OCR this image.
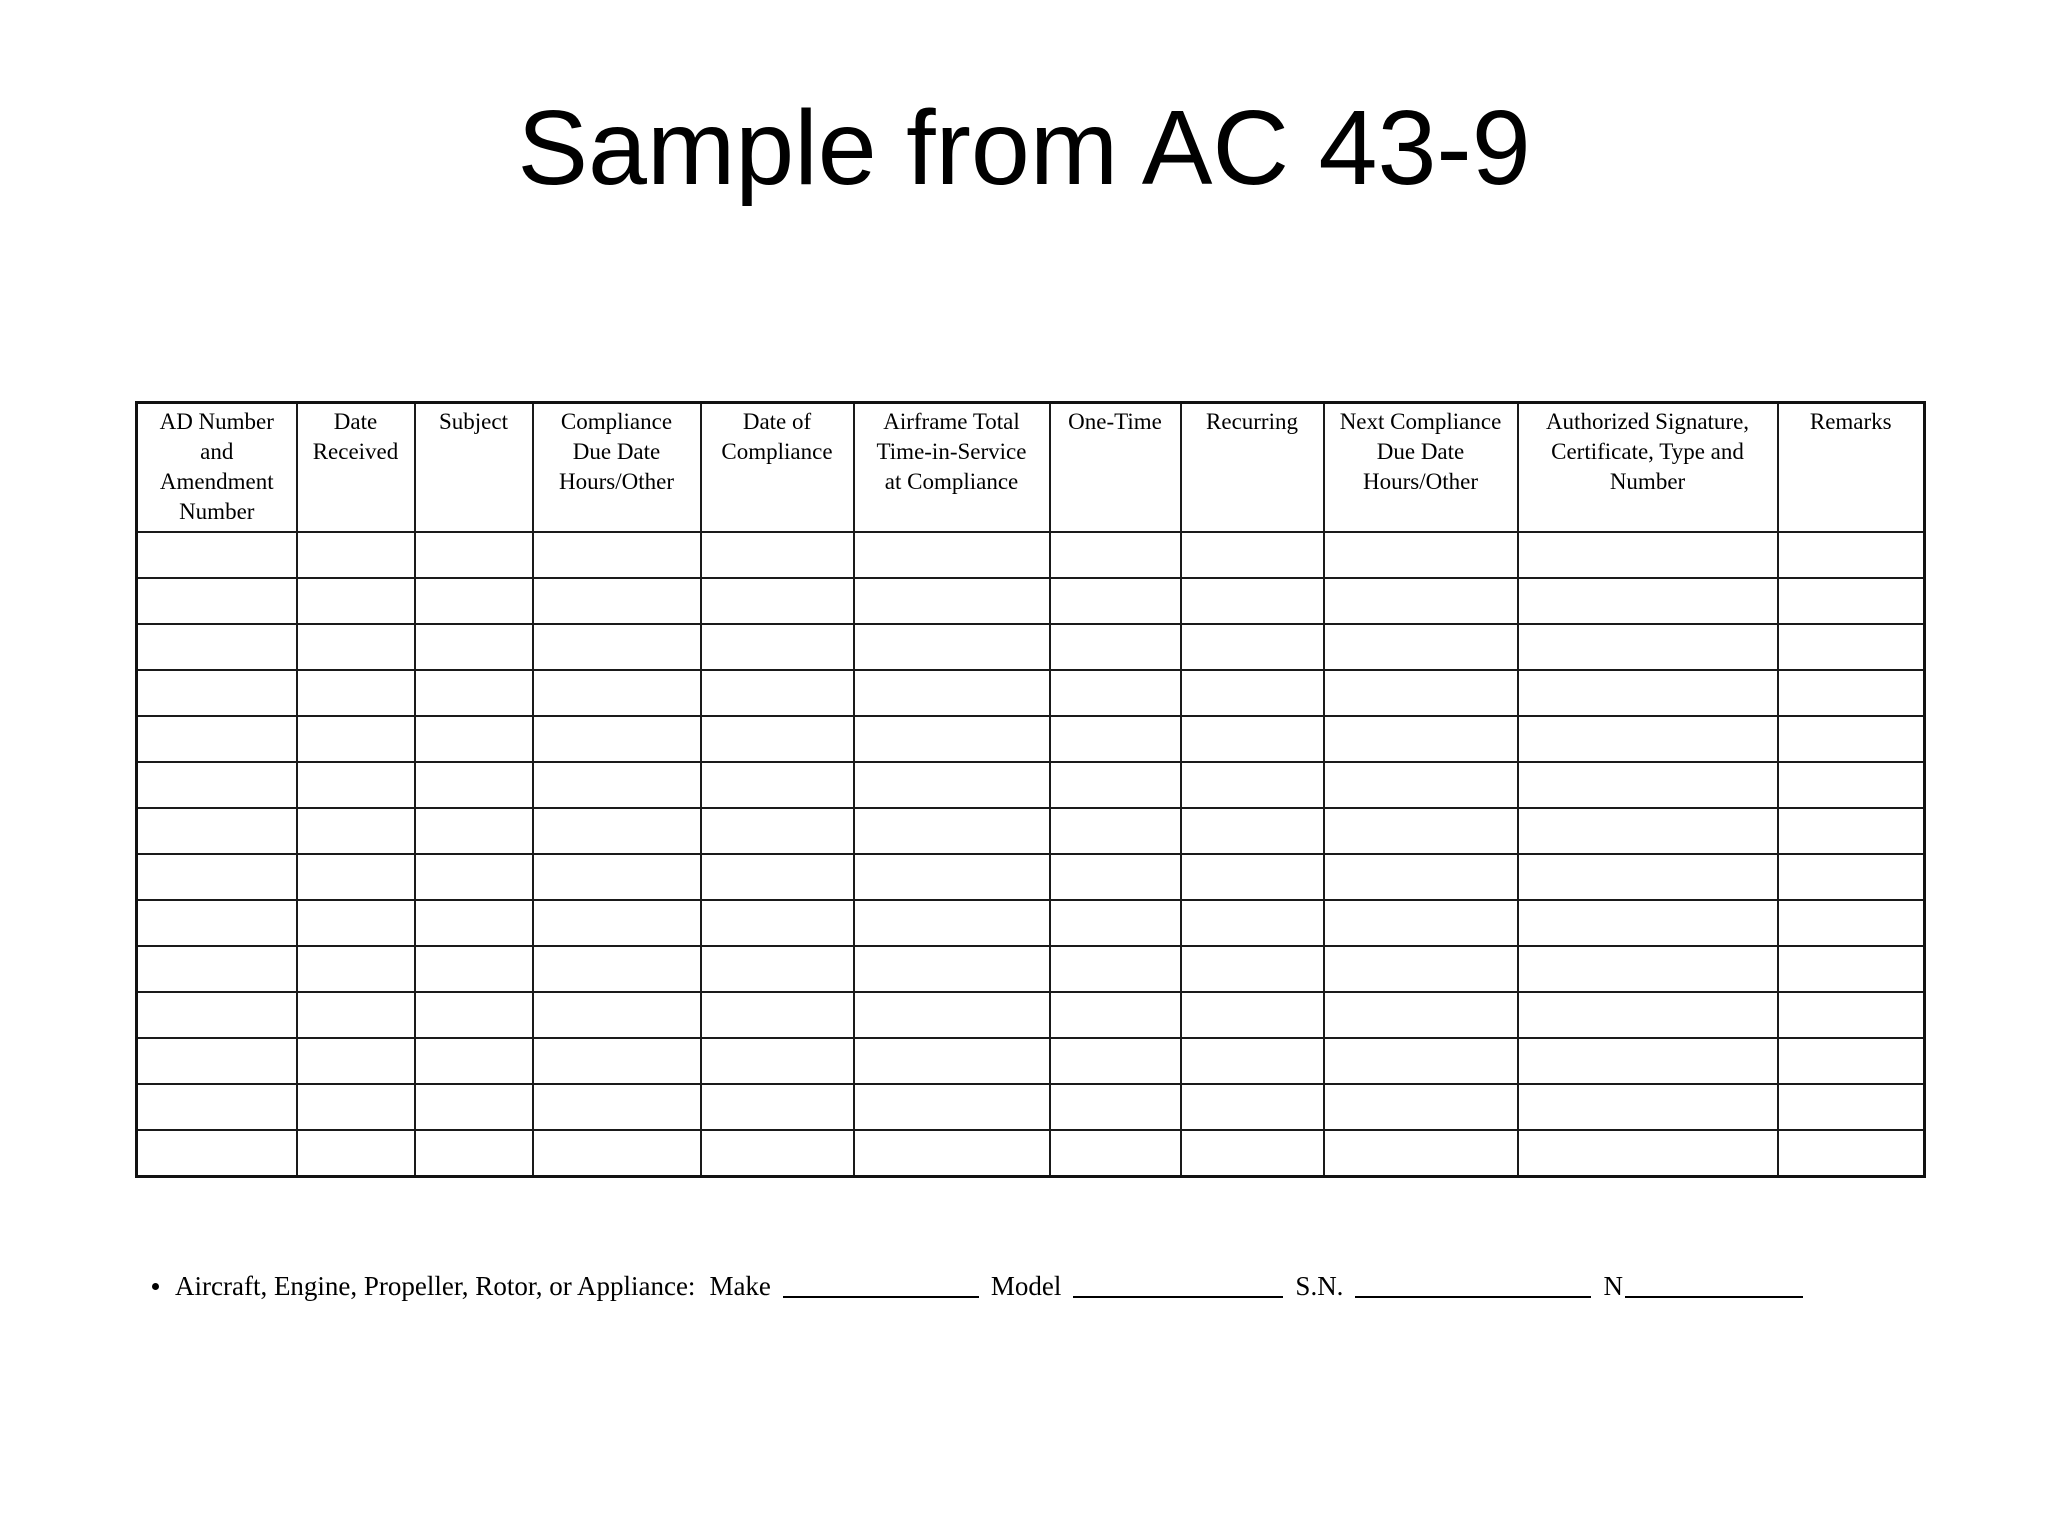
Sample from AC 43-9
AD Number
and
Amendment
Number	Date
Received	Subject	Compliance
Due Date
Hours/Other	Date of
Compliance	Airframe Total
Time-in-Service
at Compliance	One-Time	Recurring	Next Compliance
Due Date
Hours/Other	Authorized Signature,
Certificate, Type and
Number	Remarks

Aircraft, Engine, Propeller, Rotor, or Appliance: Make	Model	S.N.	N
